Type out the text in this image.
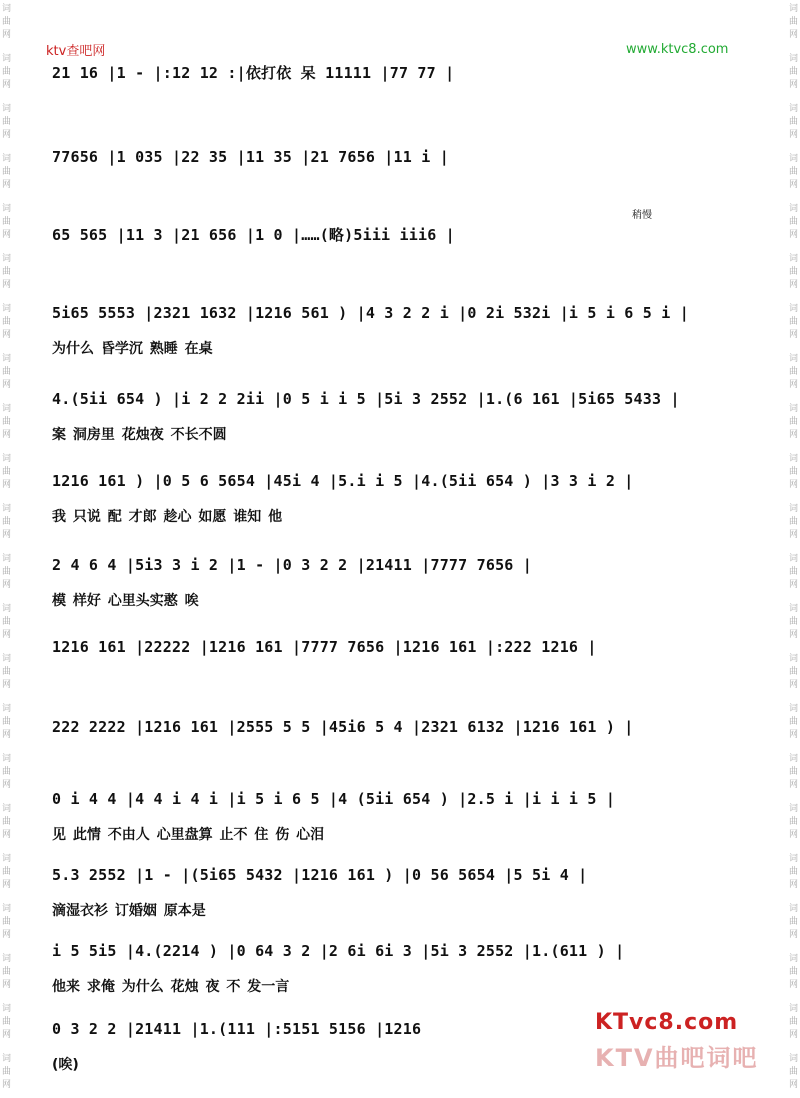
词
曲
网
词
曲
网
词
曲
网
词
曲
网
词
曲
网
词
曲
网
词
曲
网
词
曲
网
词
曲
网
词
曲
网
词
曲
网
词
曲
网
词
曲
网
词
曲
网
词
曲
网
词
曲
网
词
曲
网
词
曲
网
词
曲
网
词
曲
网
词
曲
网
词
曲
网
词
曲
网
词
曲
网
词
曲
网
词
曲
网
词
曲
网
词
曲
网
词
曲
网
词
曲
网
词
曲
网
词
曲
网
词
曲
网
词
曲
网
词
曲
网
词
曲
网
词
曲
网
词
曲
网
词
曲
网
词
曲
网
词
曲
网
词
曲
网
词
曲
网
词
曲
网
ktv查吧网	www.ktvc8.com
21 16 |1 - |:12 12 :|依打依 呆 11111 |77 77 |
77656 |1 035 |22 35 |11 35 |21 7656 |11 i |
65 565 |11 3 |21 656 |1 0 |……(略)5iii iii6 |
稍慢
5i65 5553 |2321 1632 |1216 561 ) |4 3 2 2 i |0 2i 532i |i 5 i 6 5 i |
为什么 昏学沉 熟睡 在桌
4.(5ii 654 ) |i 2 2 2ii |0 5 i i 5 |5i 3 2552 |1.(6 161 |5i65 5433 |
案 洞房里 花烛夜 不长不圆
1216 161 ) |0 5 6 5654 |45i 4 |5.i i 5 |4.(5ii 654 ) |3 3 i 2 |
我 只说 配 才郎 趁心 如愿 谁知 他
2 4 6 4 |5i3 3 i 2 |1 - |0 3 2 2 |21411 |7777 7656 |
模 样好 心里头实憨 唉
1216 161 |22222 |1216 161 |7777 7656 |1216 161 |:222 1216 |
222 2222 |1216 161 |2555 5 5 |45i6 5 4 |2321 6132 |1216 161 ) |
0 i 4 4 |4 4 i 4 i |i 5 i 6 5 |4 (5ii 654 ) |2.5 i |i i i 5 |
见 此情 不由人 心里盘算 止不 住 伤 心泪
5.3 2552 |1 - |(5i65 5432 |1216 161 ) |0 56 5654 |5 5i 4 |
滴湿衣衫 订婚姻 原本是
i 5 5i5 |4.(2214 ) |0 64 3 2 |2 6i 6i 3 |5i 3 2552 |1.(611 ) |
他来 求俺 为什么 花烛 夜 不 发一言
0 3 2 2 |21411 |1.(111 |:5151 5156 |1216
(唉)
KTvc8.com
KTV曲吧词吧
